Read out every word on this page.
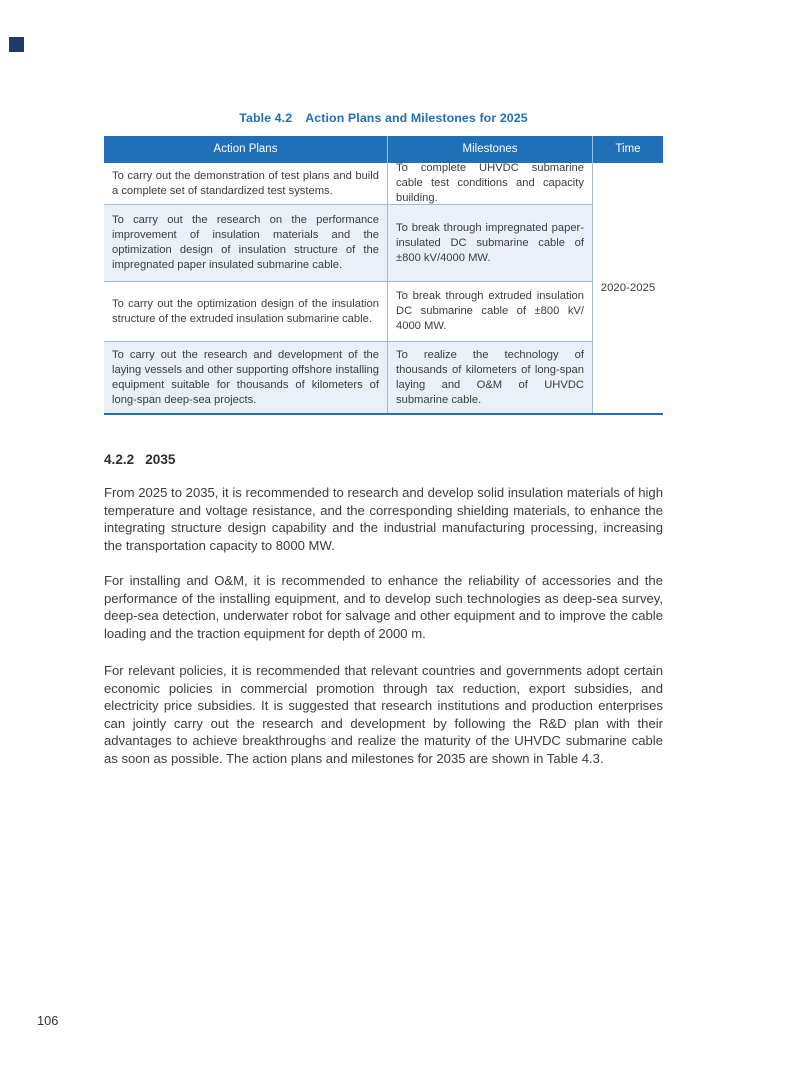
Table 4.2 Action Plans and Milestones for 2025
Action Plans	Milestones	Time

To carry out the demonstration of test plans and build a complete set of standardized test systems.

To complete UHVDC submarine cable test conditions and capacity building.

To carry out the research on the performance improvement of insulation materials and the optimization design of insulation structure of the impregnated paper insulated submarine cable.

To break through impregnated paper-insulated DC submarine cable of ±800 kV/4000 MW.

To carry out the optimization design of the insulation structure of the extruded insulation submarine cable.

To break through extruded insulation DC submarine cable of ±800 kV/ 4000 MW.

To carry out the research and development of the laying vessels and other supporting offshore installing equipment suitable for thousands of kilometers of long-span deep-sea projects.

To realize the technology of thousands of kilometers of long-span laying and O&M of UHVDC submarine cable.

2020-2025
4.2.2 2035

From 2025 to 2035, it is recommended to research and develop solid insulation materials of high temperature and voltage resistance, and the corresponding shielding materials, to enhance the integrating structure design capability and the industrial manufacturing processing, increasing the transportation capacity to 8000 MW.

For installing and O&M, it is recommended to enhance the reliability of accessories and the performance of the installing equipment, and to develop such technologies as deep-sea survey, deep-sea detection, underwater robot for salvage and other equipment and to improve the cable loading and the traction equipment for depth of 2000 m.

For relevant policies, it is recommended that relevant countries and governments adopt certain economic policies in commercial promotion through tax reduction, export subsidies, and electricity price subsidies. It is suggested that research institutions and production enterprises can jointly carry out the research and development by following the R&D plan with their advantages to achieve breakthroughs and realize the maturity of the UHVDC submarine cable as soon as possible. The action plans and milestones for 2035 are shown in Table 4.3.

106
